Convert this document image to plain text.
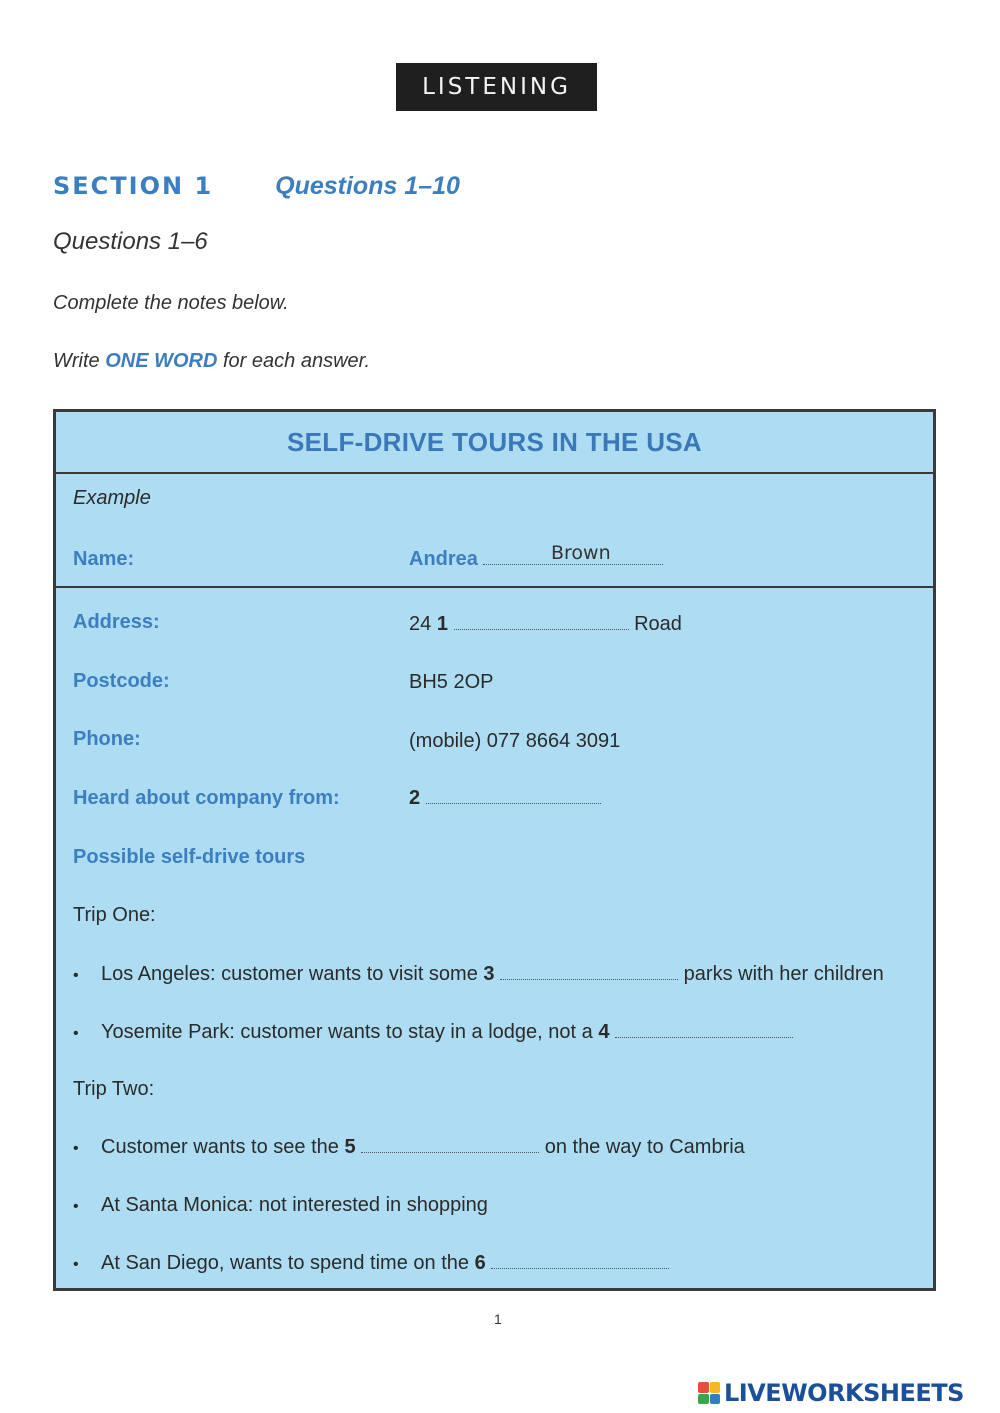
LISTENING
SECTION 1 Questions 1–10
Questions 1–6
Complete the notes below.
Write ONE WORD for each answer.
SELF-DRIVE TOURS IN THE USA
Example
Name:	Andrea	Brown
Address:	24 1	Road
Postcode:	BH5 2OP
Phone:	(mobile) 077 8664 3091
Heard about company from:	2
Possible self-drive tours
Trip One:
• Los Angeles: customer wants to visit some 3	parks with her children
• Yosemite Park: customer wants to stay in a lodge, not a 4
Trip Two:
• Customer wants to see the 5	on the way to Cambria
• At Santa Monica: not interested in shopping
• At San Diego, wants to spend time on the 6
1
LIVEWORKSHEETS
